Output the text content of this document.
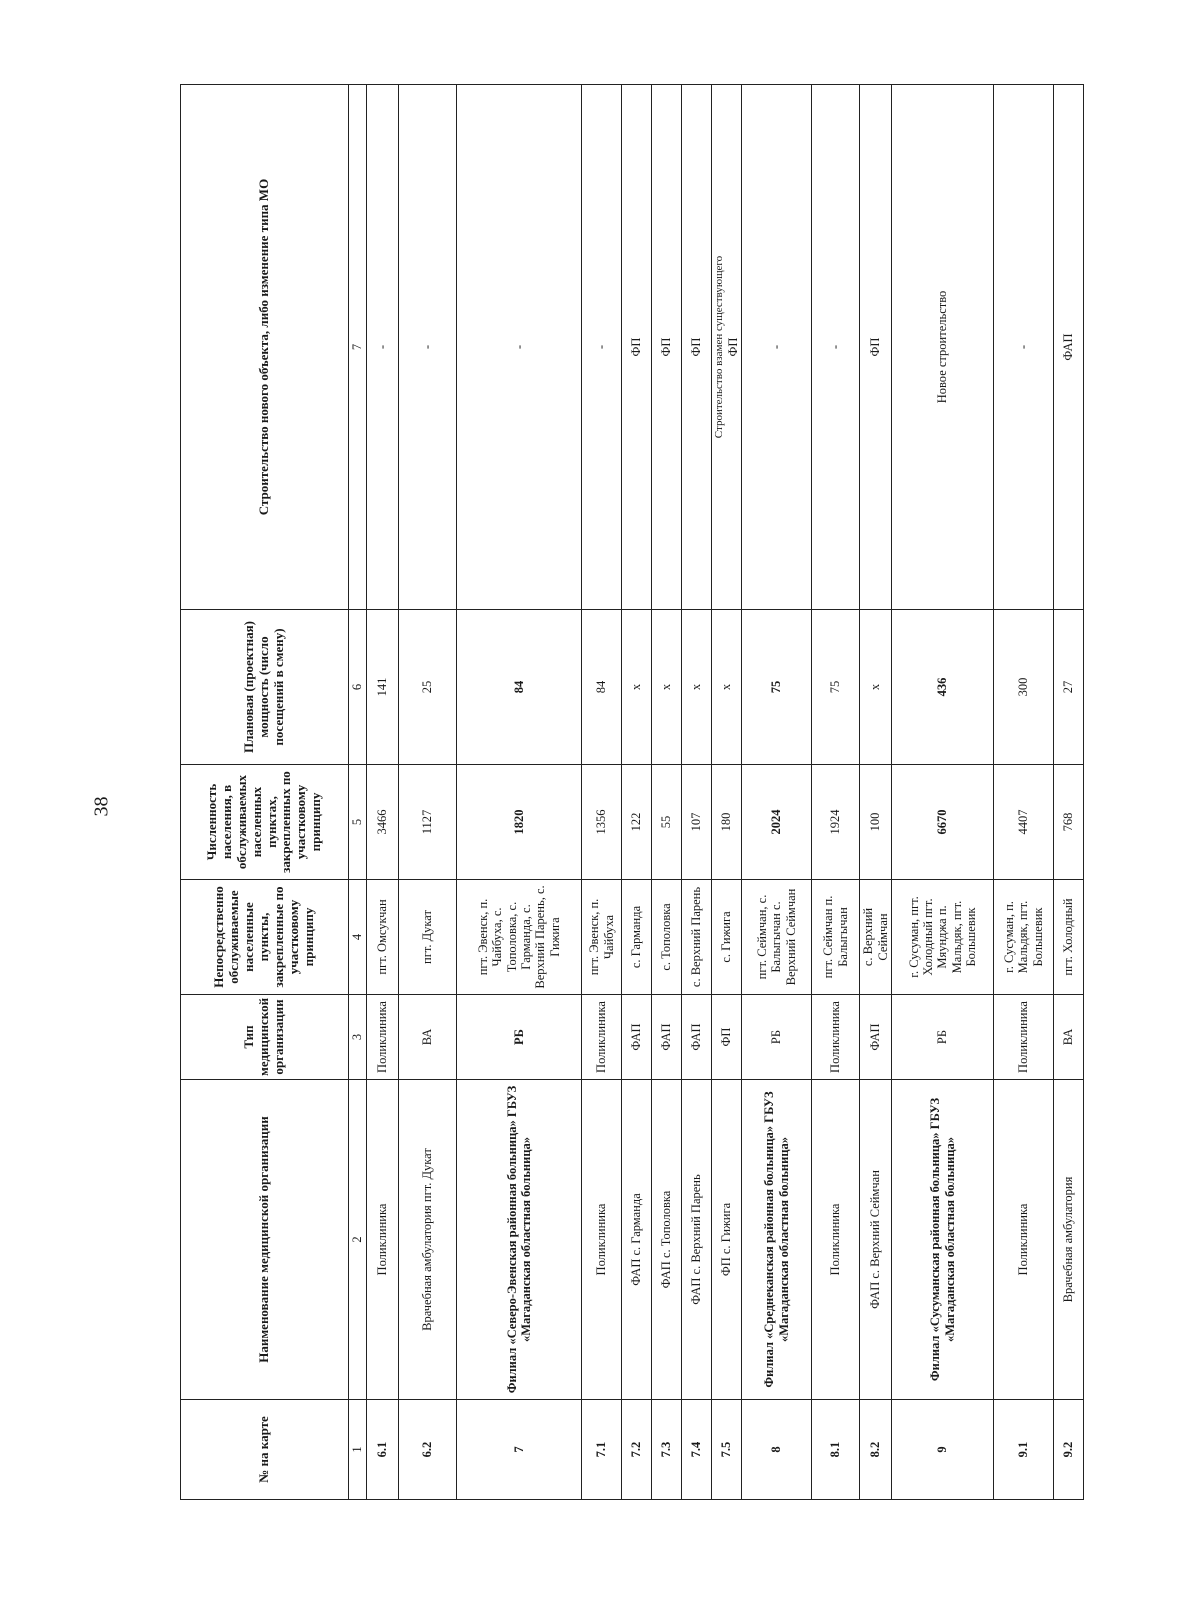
38
№ на карте	Наименование медицинской организации	Тип медицинской организации	Непосредственно обслуживаемые населенные пункты, закрепленные по участковому принципу	Численность населения, в обслуживаемых населенных пунктах, закрепленных по участковому принципу	Плановая (проектная) мощность (число посещений в смену)	Строительство нового объекта, либо изменение типа МО
1	2	3	4	5	6	7
6.1	Поликлиника	Поликлиника	пгт. Омсукчан	3466	141	-
6.2	Врачебная амбулатория пгт. Дукат	ВА	пгт. Дукат	1127	25	-
7	Филиал «Северо-Эвенская районная больница» ГБУЗ «Магаданская областная больница»	РБ	пгт. Эвенск, п. Чайбуха, с. Тополовка, с. Гарманда, с. Верхний Парень, с. Гижига	1820	84	-
7.1	Поликлиника	Поликлиника	пгт. Эвенск, п. Чайбуха	1356	84	-
7.2	ФАП с. Гарманда	ФАП	с. Гарманда	122	х	ФП
7.3	ФАП с. Тополовка	ФАП	с. Тополовка	55	х	ФП
7.4	ФАП с. Верхний Парень	ФАП	с. Верхний Парень	107	х	ФП
7.5	ФП с. Гижига	ФП	с. Гижига	180	х	Строительство взамен существующего ФП

8	Филиал «Среднеканская районная больница» ГБУЗ «Магаданская областная больница»	РБ	пгт. Сеймчан, с. Балыгычан с. Верхний Сеймчан	2024	75	-
8.1	Поликлиника	Поликлиника	пгт. Сеймчан п. Балыгычан	1924	75	-
8.2	ФАП с. Верхний Сеймчан	ФАП	с. Верхний Сеймчан	100	х	ФП
9	Филиал «Сусуманская районная больница» ГБУЗ «Магаданская областная больница»	РБ	г. Сусуман, пгт. Холодный пгт. Мяунджа п. Мальдяк, пгт. Большевик	6670	436	Новое строительство
9.1	Поликлиника	Поликлиника	г. Сусуман, п. Мальдяк, пгт. Большевик	4407	300	-
9.2	Врачебная амбулатория	ВА	пгт. Холодный	768	27	ФАП
